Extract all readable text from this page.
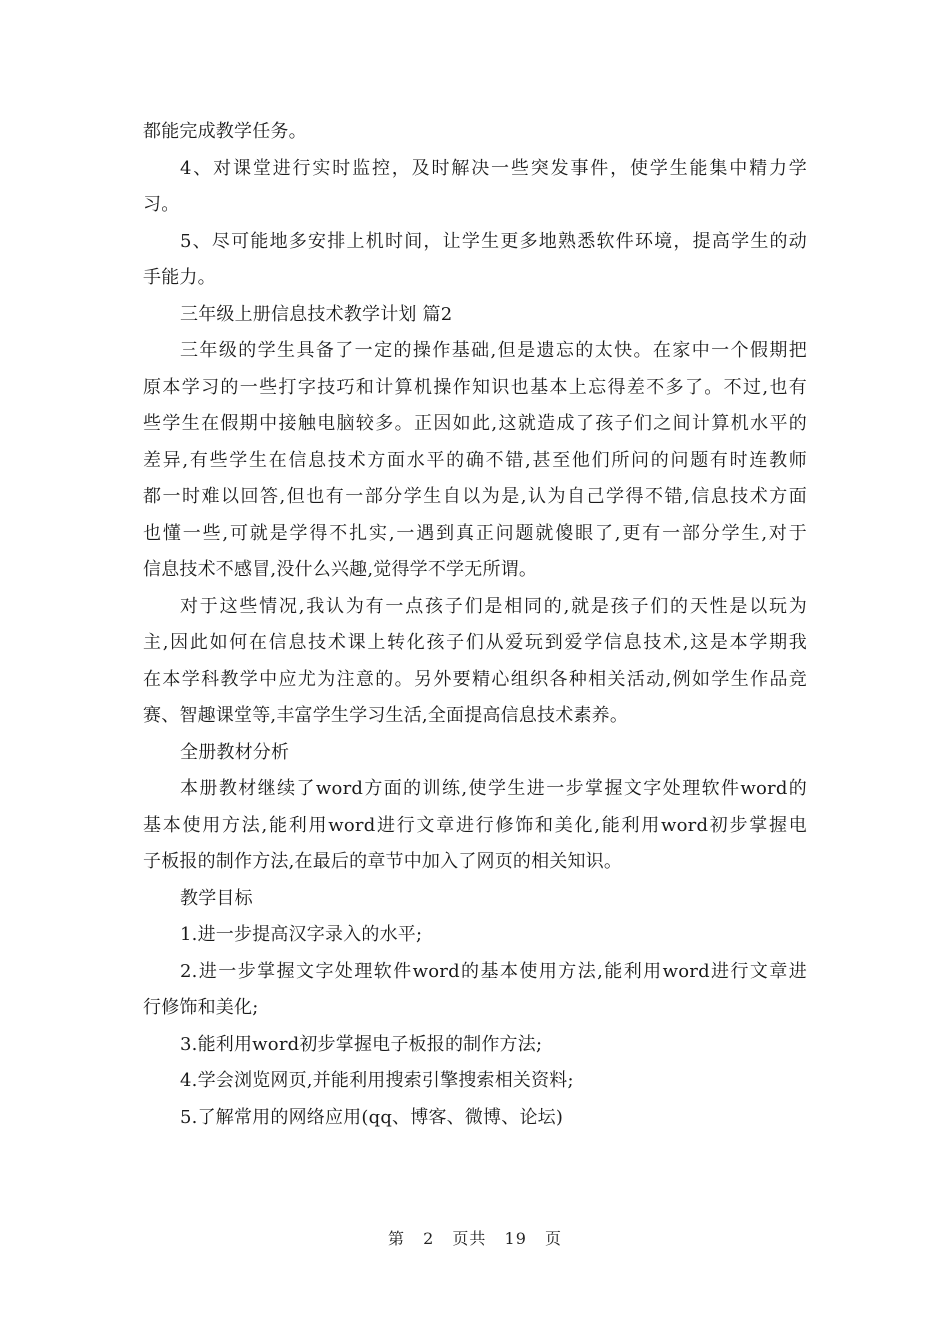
都能完成教学任务。
4、对课堂进行实时监控，及时解决一些突发事件，使学生能集中精力学
习。
5、尽可能地多安排上机时间，让学生更多地熟悉软件环境，提高学生的动
手能力。
三年级上册信息技术教学计划 篇2
三年级的学生具备了一定的操作基础,但是遗忘的太快。在家中一个假期把
原本学习的一些打字技巧和计算机操作知识也基本上忘得差不多了。不过,也有
些学生在假期中接触电脑较多。正因如此,这就造成了孩子们之间计算机水平的
差异,有些学生在信息技术方面水平的确不错,甚至他们所问的问题有时连教师
都一时难以回答,但也有一部分学生自以为是,认为自己学得不错,信息技术方面
也懂一些,可就是学得不扎实,一遇到真正问题就傻眼了,更有一部分学生,对于
信息技术不感冒,没什么兴趣,觉得学不学无所谓。
对于这些情况,我认为有一点孩子们是相同的,就是孩子们的天性是以玩为
主,因此如何在信息技术课上转化孩子们从爱玩到爱学信息技术,这是本学期我
在本学科教学中应尤为注意的。另外要精心组织各种相关活动,例如学生作品竞
赛、智趣课堂等,丰富学生学习生活,全面提高信息技术素养。
全册教材分析
本册教材继续了word方面的训练,使学生进一步掌握文字处理软件word的
基本使用方法,能利用word进行文章进行修饰和美化,能利用word初步掌握电
子板报的制作方法,在最后的章节中加入了网页的相关知识。
教学目标
1.进一步提高汉字录入的水平;
2.进一步掌握文字处理软件word的基本使用方法,能利用word进行文章进
行修饰和美化;
3.能利用word初步掌握电子板报的制作方法;
4.学会浏览网页,并能利用搜索引擎搜索相关资料;
5.了解常用的网络应用(qq、博客、微博、论坛)
第 2 页共 19 页
